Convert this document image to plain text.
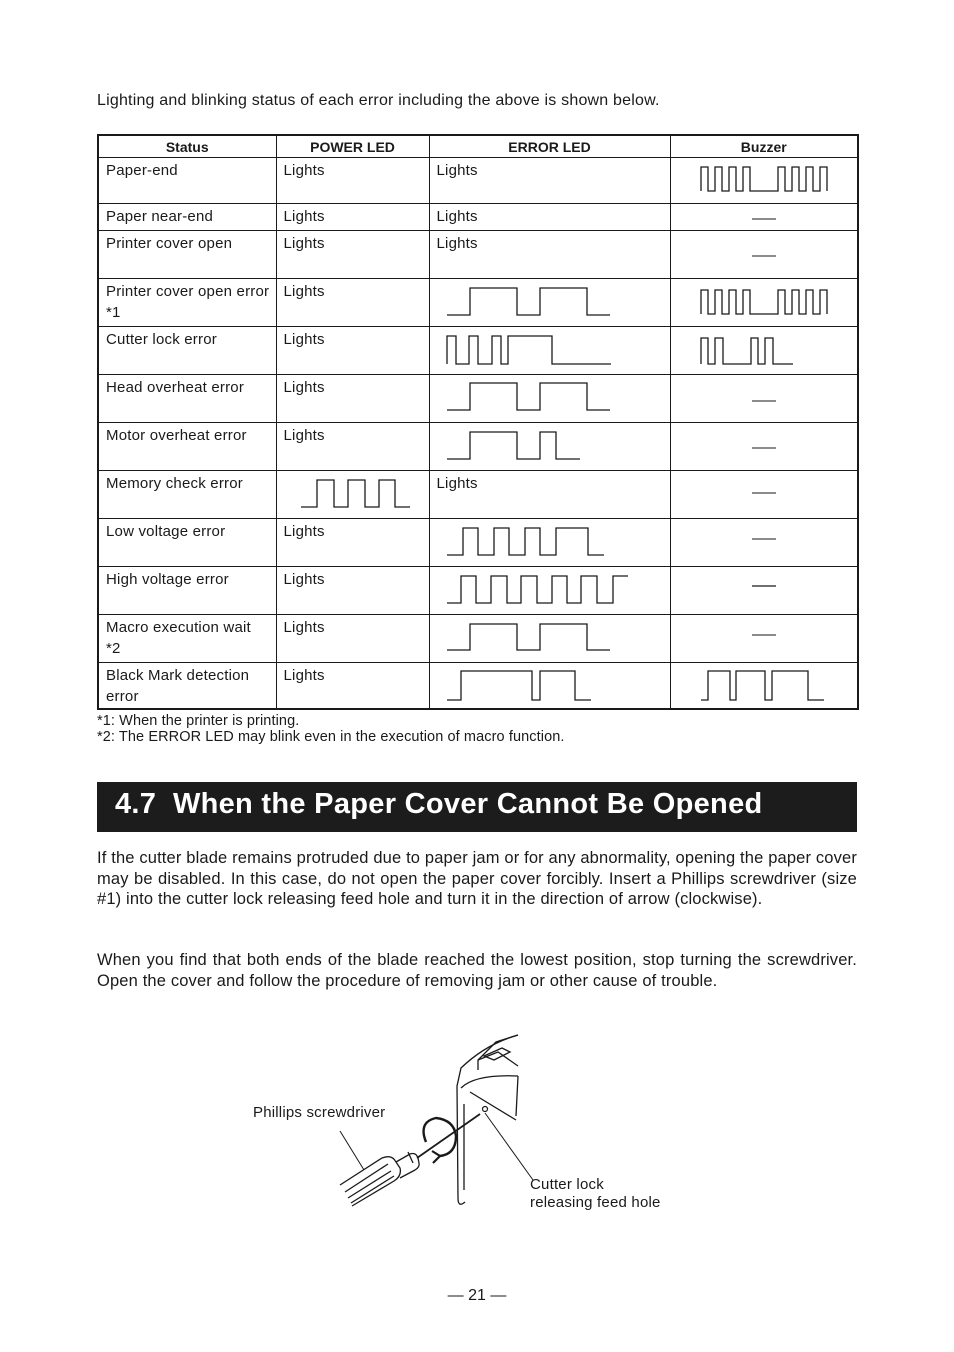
Lighting and blinking status of each error including the above is shown below.
Status	POWER LED	ERROR LED	Buzzer

Paper-end	Lights	Lights

Paper near-end	Lights	Lights

Printer cover open	Lights	Lights

Printer cover open error *1	Lights

Cutter lock error	Lights

Head overheat error	Lights

Motor overheat error	Lights

Memory check error		Lights

Low voltage error	Lights

High voltage error	Lights

Macro execution wait *2	Lights

Black Mark detection error	Lights

*1: When the printer is printing.
*2: The ERROR LED may blink even in the execution of macro function.
4.7 When the Paper Cover Cannot Be Opened
If the cutter blade remains protruded due to paper jam or for any abnormality, opening the paper cover may be disabled. In this case, do not open the paper cover forcibly. Insert a Phillips screwdriver (size #1) into the cutter lock releasing feed hole and turn it in the direction of arrow (clockwise).
When you find that both ends of the blade reached the lowest position, stop turning the screwdriver. Open the cover and follow the procedure of removing jam or other cause of trouble.
Phillips screwdriver
Cutter lock
releasing feed hole
— 21 —
